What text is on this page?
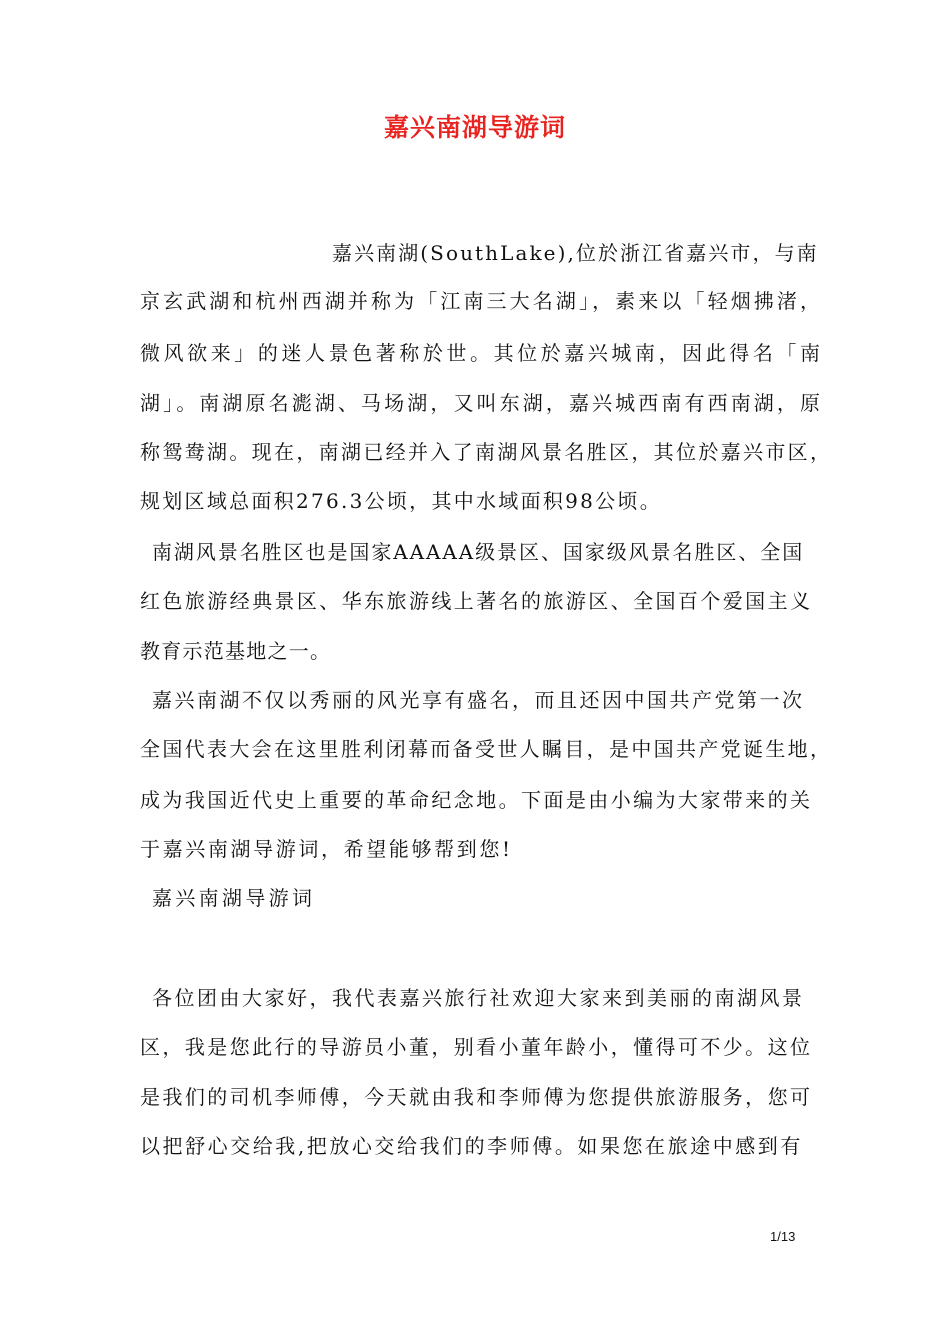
嘉兴南湖导游词
嘉兴南湖(SouthLake),位於浙江省嘉兴市，与南
京玄武湖和杭州西湖并称为「江南三大名湖」，素来以「轻烟拂渚，
微风欲来」的迷人景色著称於世。其位於嘉兴城南，因此得名「南
湖」。南湖原名滮湖、马场湖，又叫东湖，嘉兴城西南有西南湖，原
称鸳鸯湖。现在，南湖已经并入了南湖风景名胜区，其位於嘉兴市区，
规划区域总面积276.3公顷，其中水域面积98公顷。
南湖风景名胜区也是国家AAAAA级景区、国家级风景名胜区、全国
红色旅游经典景区、华东旅游线上著名的旅游区、全国百个爱国主义
教育示范基地之一。
嘉兴南湖不仅以秀丽的风光享有盛名，而且还因中国共产党第一次
全国代表大会在这里胜利闭幕而备受世人瞩目，是中国共产党诞生地，
成为我国近代史上重要的革命纪念地。下面是由小编为大家带来的关
于嘉兴南湖导游词，希望能够帮到您!
嘉兴南湖导游词
各位团由大家好，我代表嘉兴旅行社欢迎大家来到美丽的南湖风景
区，我是您此行的导游员小董，别看小董年龄小，懂得可不少。这位
是我们的司机李师傅，今天就由我和李师傅为您提供旅游服务，您可
以把舒心交给我,把放心交给我们的李师傅。如果您在旅途中感到有
1/13
